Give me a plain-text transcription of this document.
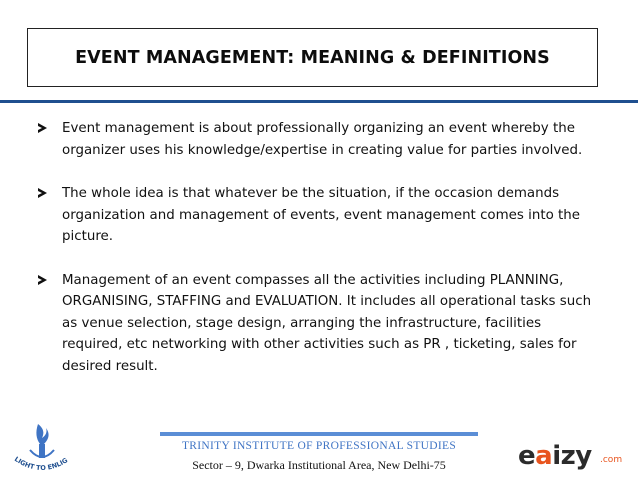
EVENT MANAGEMENT: MEANING & DEFINITIONS
Event management is about professionally organizing an event whereby the organizer uses his knowledge/expertise in creating value for parties involved.
The whole idea is that whatever be the situation, if the occasion demands organization and management of events, event management comes into the picture.
Management of an event compasses all the activities including PLANNING, ORGANISING, STAFFING and EVALUATION. It includes all operational tasks such as venue selection, stage design, arranging the infrastructure, facilities required, etc networking with other activities such as PR , ticketing, sales for desired result.
LIGHT TO ENLIG
TRINITY INSTITUTE OF PROFESSIONAL STUDIES
Sector – 9, Dwarka Institutional Area, New Delhi-75	eaizy .com
